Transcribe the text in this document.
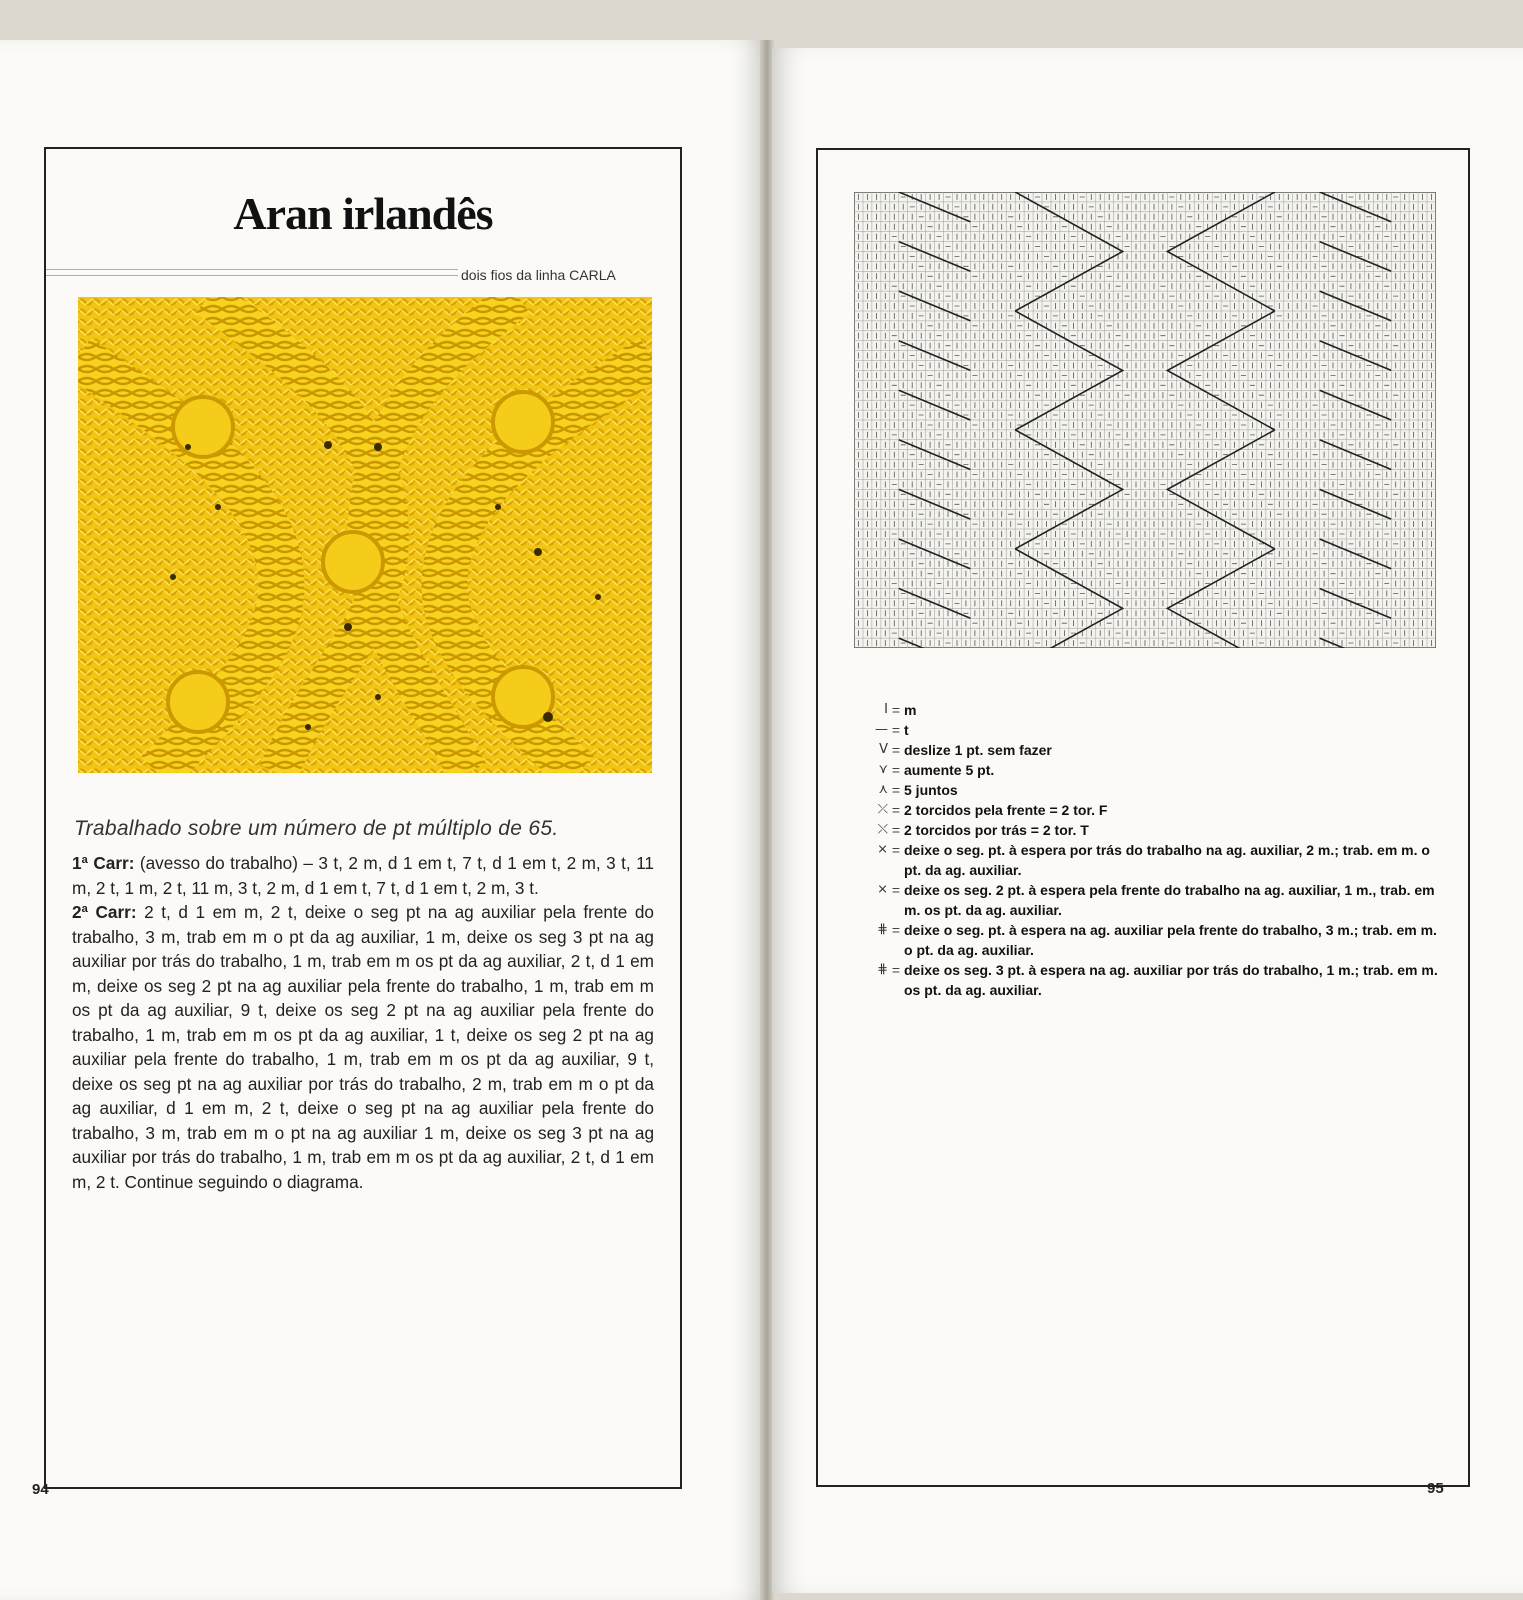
Aran irlandês
dois fios da linha CARLA
Trabalhado sobre um número de pt múltiplo de 65.

1ª Carr: (avesso do trabalho) – 3 t, 2 m, d 1 em t, 7 t, d 1 em t, 2 m, 3 t, 11 m, 2 t, 1 m, 2 t, 11 m, 3 t, 2 m, d 1 em t, 7 t, d 1 em t, 2 m, 3 t.

2ª Carr: 2 t, d 1 em m, 2 t, deixe o seg pt na ag auxiliar pela frente do trabalho, 3 m, trab em m o pt da ag auxiliar, 1 m, deixe os seg 3 pt na ag auxiliar por trás do trabalho, 1 m, trab em m os pt da ag auxiliar, 2 t, d 1 em m, deixe os seg 2 pt na ag auxiliar pela frente do trabalho, 1 m, trab em m os pt da ag auxiliar, 9 t, deixe os seg 2 pt na ag auxiliar pela frente do trabalho, 1 m, trab em m os pt da ag auxiliar, 1 t, deixe os seg 2 pt na ag auxiliar pela frente do trabalho, 1 m, trab em m os pt da ag auxiliar, 9 t, deixe os seg pt na ag auxiliar por trás do trabalho, 2 m, trab em m o pt da ag auxiliar, d 1 em m, 2 t, deixe o seg pt na ag auxiliar pela frente do trabalho, 3 m, trab em m o pt na ag auxiliar 1 m, deixe os seg 3 pt na ag auxiliar por trás do trabalho, 1 m, trab em m os pt da ag auxiliar, 2 t, d 1 em m, 2 t. Continue seguindo o diagrama.

94
I = m
— = t
V = deslize 1 pt. sem fazer
⋎ = aumente 5 pt.
⋏ = 5 juntos
⤫ = 2 torcidos pela frente = 2 tor. F
⤬ = 2 torcidos por trás = 2 tor. T
⨯ = deixe o seg. pt. à espera por trás do trabalho na ag. auxiliar, 2 m.; trab. em m. o pt. da ag. auxiliar.
⨯ = deixe os seg. 2 pt. à espera pela frente do trabalho na ag. auxiliar, 1 m., trab. em m. os pt. da ag. auxiliar.
⋕ = deixe o seg. pt. à espera na ag. auxiliar pela frente do trabalho, 3 m.; trab. em m. o pt. da ag. auxiliar.
⋕ = deixe os seg. 3 pt. à espera na ag. auxiliar por trás do trabalho, 1 m.; trab. em m. os pt. da ag. auxiliar.
95
